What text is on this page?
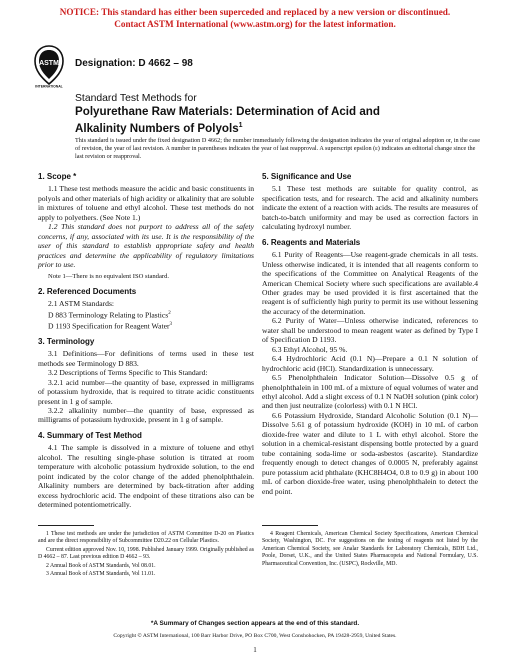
NOTICE: This standard has either been superceded and replaced by a new version or discontinued.
Contact ASTM International (www.astm.org) for the latest information.
ASTM
INTERNATIONAL
Designation: D 4662 – 98
Standard Test Methods for
Polyurethane Raw Materials: Determination of Acid and
Alkalinity Numbers of Polyols$^1$
This standard is issued under the fixed designation D 4662; the number immediately following the designation indicates the year of original adoption or, in the case of revision, the year of last revision. A number in parentheses indicates the year of last reapproval. A superscript epsilon (ε) indicates an editorial change since the last revision or reapproval.
1. Scope *

1.1 These test methods measure the acidic and basic constituents in polyols and other materials of high acidity or alkalinity that are soluble in mixtures of toluene and ethyl alcohol. These test methods do not apply to polyethers. (See Note 1.)

1.2 This standard does not purport to address all of the safety concerns, if any, associated with its use. It is the responsibility of the user of this standard to establish appropriate safety and health practices and determine the applicability of regulatory limitations prior to use.

Note 1—There is no equivalent ISO standard.

2. Referenced Documents

2.1 ASTM Standards:

D 883 Terminology Relating to Plastics$^2$

D 1193 Specification for Reagent Water$^3$

3. Terminology

3.1 Definitions—For definitions of terms used in these test methods see Terminology D 883.

3.2 Descriptions of Terms Specific to This Standard:

3.2.1 acid number—the quantity of base, expressed in milligrams of potassium hydroxide, that is required to titrate acidic constituents present in 1 g of sample.

3.2.2 alkalinity number—the quantity of base, expressed as milligrams of potassium hydroxide, present in 1 g of sample.

4. Summary of Test Method

4.1 The sample is dissolved in a mixture of toluene and ethyl alcohol. The resulting single-phase solution is titrated at room temperature with alcoholic potassium hydroxide solution, to the end point indicated by the color change of the added phenolphthalein. Alkalinity numbers are determined by back-titration after adding excess hydrochloric acid. The endpoint of these titrations also can be determined potentiometrically.

5. Significance and Use

5.1 These test methods are suitable for quality control, as specification tests, and for research. The acid and alkalinity numbers indicate the extent of a reaction with acids. The results are measures of batch-to-batch uniformity and may be used as correction factors in calculating hydroxyl number.

6. Reagents and Materials

6.1 Purity of Reagents—Use reagent-grade chemicals in all tests. Unless otherwise indicated, it is intended that all reagents conform to the specifications of the Committee on Analytical Reagents of the American Chemical Society where such specifications are available.4 Other grades may be used provided it is first ascertained that the reagent is of sufficiently high purity to permit its use without lessening the accuracy of the determination.

6.2 Purity of Water—Unless otherwise indicated, references to water shall be understood to mean reagent water as defined by Type I of Specification D 1193.

6.3 Ethyl Alcohol, 95 %.

6.4 Hydrochloric Acid (0.1 N)—Prepare a 0.1 N solution of hydrochloric acid (HCl). Standardization is unnecessary.

6.5 Phenolphthalein Indicator Solution—Dissolve 0.5 g of phenolphthalein in 100 mL of a mixture of equal volumes of water and ethyl alcohol. Add a slight excess of 0.1 N NaOH solution (pink color) and then just neutralize (colorless) with 0.1 N HCl.

6.6 Potassium Hydroxide, Standard Alcoholic Solution (0.1 N)—Dissolve 5.61 g of potassium hydroxide (KOH) in 10 mL of carbon dioxide-free water and dilute to 1 L with ethyl alcohol. Store the solution in a chemical-resistant dispensing bottle protected by a guard tube containing soda-lime or soda-asbestos (ascarite). Standardize frequently enough to detect changes of 0.0005 N, preferably against pure potassium acid phthalate (KHC8H4O4, 0.8 to 0.9 g) in about 100 mL of carbon dioxide-free water, using phenolphthalein to detect the end point.

1 These test methods are under the jurisdiction of ASTM Committee D-20 on Plastics and are the direct responsibility of Subcommittee D20.22 on Cellular Plastics.

Current edition approved Nov. 10, 1998. Published January 1999. Originally published as D 4662 – 87. Last previous edition D 4662 – 93.

2 Annual Book of ASTM Standards, Vol 08.01.

3 Annual Book of ASTM Standards, Vol 11.01.

4 Reagent Chemicals, American Chemical Society Specifications, American Chemical Society, Washington, DC. For suggestions on the testing of reagents not listed by the American Chemical Society, see Analar Standards for Laboratory Chemicals, BDH Ltd., Poole, Dorset, U.K., and the United States Pharmacopeia and National Formulary, U.S. Pharmaceutical Convention, Inc. (USPC), Rockville, MD.

*A Summary of Changes section appears at the end of this standard.
Copyright © ASTM International, 100 Barr Harbor Drive, PO Box C700, West Conshohocken, PA 19428-2959, United States.
1
